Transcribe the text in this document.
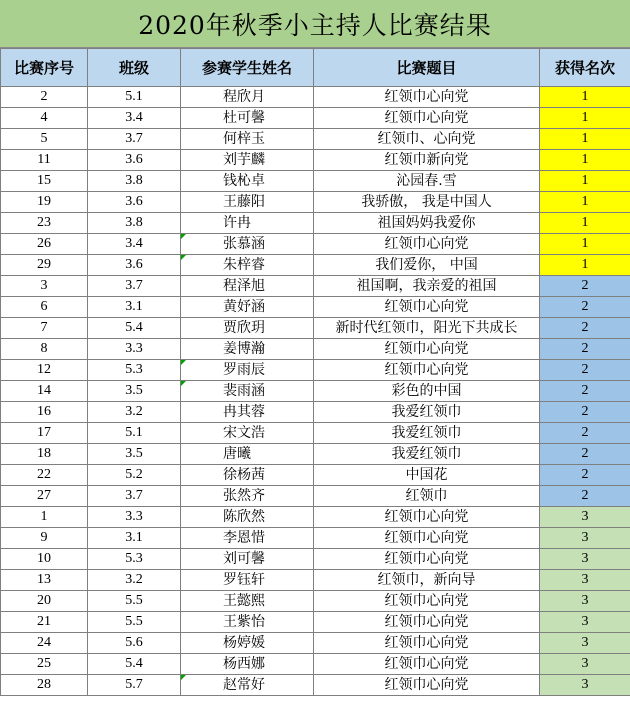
2020年秋季小主持人比赛结果
比赛序号	班级	参赛学生姓名	比赛题目	获得名次
2	5.1	程欣月	红领巾心向党	1
4	3.4	杜可馨	红领巾心向党	1
5	3.7	何梓玉	红领巾、心向党	1
11	3.6	刘芋麟	红领巾新向党	1
15	3.8	钱杺卓	沁园春.雪	1
19	3.6	王藤阳	我骄傲， 我是中国人	1
23	3.8	许冉	祖国妈妈我爱你	1
26	3.4	张慕涵	红领巾心向党	1
29	3.6	朱梓睿	我们爱你， 中国	1
3	3.7	程泽旭	祖国啊，我亲爱的祖国	2
6	3.1	黄妤涵	红领巾心向党	2
7	5.4	贾欣玥	新时代红领巾，阳光下共成长	2
8	3.3	姜博瀚	红领巾心向党	2
12	5.3	罗雨辰	红领巾心向党	2
14	3.5	裴雨涵	彩色的中国	2
16	3.2	冉其蓉	我爱红领巾	2
17	5.1	宋文浩	我爱红领巾	2
18	3.5	唐曦	我爱红领巾	2
22	5.2	徐杨茜	中国花	2
27	3.7	张然齐	红领巾	2
1	3.3	陈欣然	红领巾心向党	3
9	3.1	李恩惜	红领巾心向党	3
10	5.3	刘可馨	红领巾心向党	3
13	3.2	罗钰轩	红领巾，新向导	3
20	5.5	王懿熙	红领巾心向党	3
21	5.5	王紫怡	红领巾心向党	3
24	5.6	杨婷媛	红领巾心向党	3
25	5.4	杨西娜	红领巾心向党	3
28	5.7	赵常好	红领巾心向党	3
